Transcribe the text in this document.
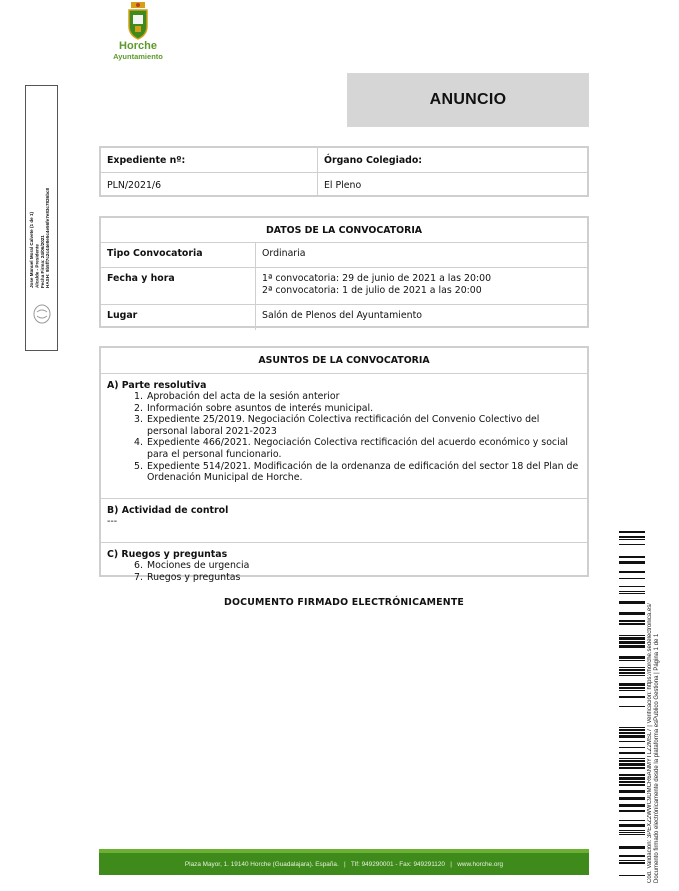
Horche
Ayuntamiento
ANUNCIO
Jose Manuel Moral Calvete (1 de 1) Alcalde - Presidente Fecha Firma: 24/06/2021 HASH: 9b5ff7c2c44e8e5c4e56fe7e83c7826bc8
Expediente nº:	Órgano Colegiado:
PLN/2021/6	El Pleno
DATOS DE LA CONVOCATORIA
Tipo Convocatoria	Ordinaria
Fecha y hora	1ª convocatoria: 29 de junio de 2021 a las 20:00
2ª convocatoria: 1 de julio de 2021 a las 20:00
Lugar	Salón de Plenos del Ayuntamiento
ASUNTOS DE LA CONVOCATORIA
A) Parte resolutiva
1. Aprobación del acta de la sesión anterior
2. Información sobre asuntos de interés municipal.
3. Expediente 25/2019. Negociación Colectiva rectificación del Convenio Colectivo del personal laboral 2021-2023
4. Expediente 466/2021. Negociación Colectiva rectificación del acuerdo económico y social para el personal funcionario.
5. Expediente 514/2021. Modificación de la ordenanza de edificación del sector 18 del Plan de Ordenación Municipal de Horche.
B) Actividad de control
---
C) Ruegos y preguntas
6. Mociones de urgencia
7. Ruegos y preguntas
DOCUMENTO FIRMADO ELECTRÓNICAMENTE
Cód. Validación: 3PEXZ2WWC9DMCR6ANMYTLZ2MSL7 | Verificación: https://horche.sedelectronica.es/ Documento firmado electrónicamente desde la plataforma esPublico Gestiona | Página 1 de 1
Plaza Mayor, 1. 19140 Horche (Guadalajara). España.   |   Tlf: 949290001 - Fax: 949291120   |   www.horche.org
